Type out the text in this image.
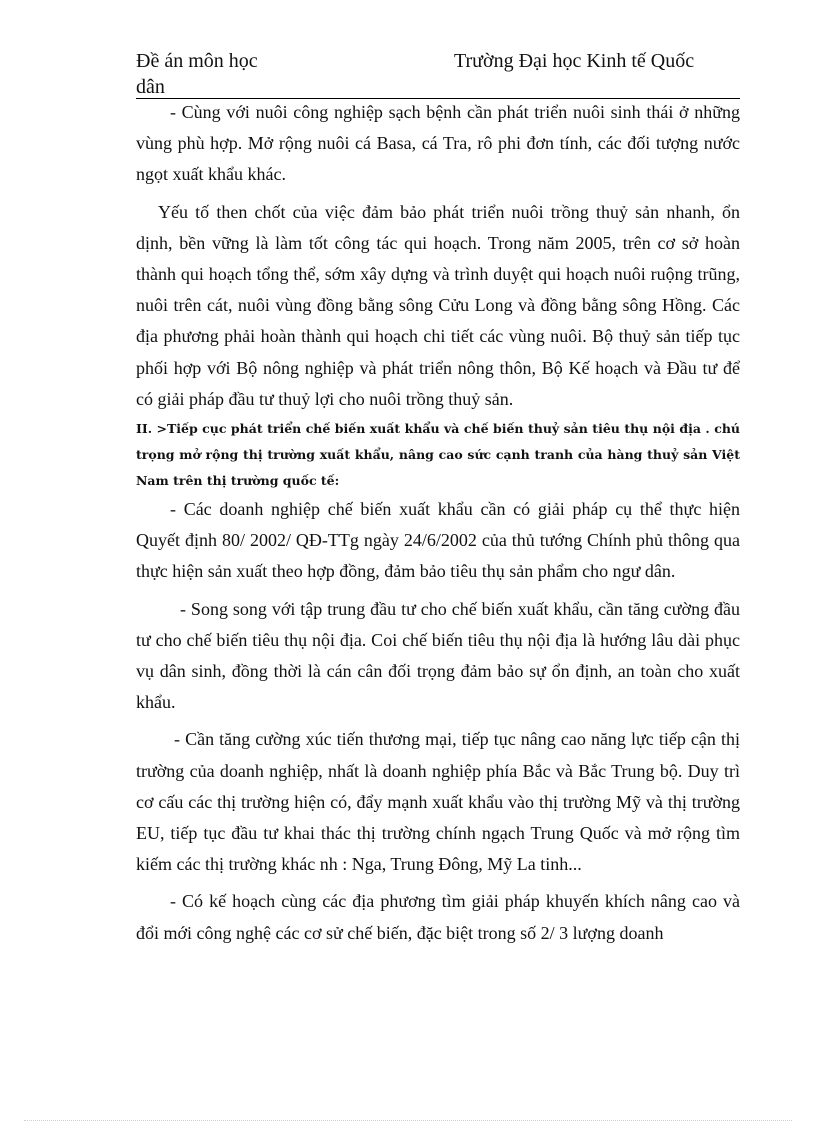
Đề án môn học	Trường Đại học Kinh tế Quốc
dân

- Cùng với nuôi công nghiệp sạch bệnh cần phát triển nuôi sinh thái ở những vùng phù hợp. Mở rộng nuôi cá Basa, cá Tra, rô phi đơn tính, các đối tượng nước ngọt xuất khẩu khác.

Yếu tố then chốt của việc đảm bảo phát triển nuôi trồng thuỷ sản nhanh, ổn dịnh, bền vững là làm tốt công tác qui hoạch. Trong năm 2005, trên cơ sở hoàn thành qui hoạch tổng thể, sớm xây dựng và trình duyệt qui hoạch nuôi ruộng trũng, nuôi trên cát, nuôi vùng đồng bằng sông Cửu Long và đồng bằng sông Hồng. Các địa phương phải hoàn thành qui hoạch chi tiết các vùng nuôi. Bộ thuỷ sản tiếp tục phối hợp với Bộ nông nghiệp và phát triển nông thôn, Bộ Kế hoạch và Đầu tư để có giải pháp đầu tư thuỷ lợi cho nuôi trồng thuỷ sản.

II. >Tiếp cục phát triển chế biến xuất khẩu và chế biến thuỷ sản tiêu thụ nội địa . chú trọng mở rộng thị trường xuất khẩu, nâng cao sức cạnh tranh của hàng thuỷ sản Việt Nam trên thị trường quốc tế:

- Các doanh nghiệp chế biến xuất khẩu cần có giải pháp cụ thể thực hiện Quyết định 80/ 2002/ QĐ-TTg ngày 24/6/2002 của thủ tướng Chính phủ thông qua thực hiện sản xuất theo hợp đồng, đảm bảo tiêu thụ sản phẩm cho ngư dân.

- Song song với tập trung đầu tư cho chế biến xuất khẩu, cần tăng cường đầu tư cho chế biến tiêu thụ nội địa. Coi chế biến tiêu thụ nội địa là hướng lâu dài phục vụ dân sinh, đồng thời là cán cân đối trọng đảm bảo sự ổn định, an toàn cho xuất khẩu.

- Cần tăng cường xúc tiến thương mại, tiếp tục nâng cao năng lực tiếp cận thị trường của doanh nghiệp, nhất là doanh nghiệp phía Bắc và Bắc Trung bộ. Duy trì cơ cấu các thị trường hiện có, đẩy mạnh xuất khẩu vào thị trường Mỹ và thị trường EU, tiếp tục đầu tư khai thác thị trường chính ngạch Trung Quốc và mở rộng tìm kiếm các thị trường khác nh : Nga, Trung Đông, Mỹ La tinh...

- Có kế hoạch cùng các địa phương tìm giải pháp khuyến khích nâng cao và đổi mới công nghệ các cơ sử chế biến, đặc biệt trong số 2/ 3 lượng doanh
